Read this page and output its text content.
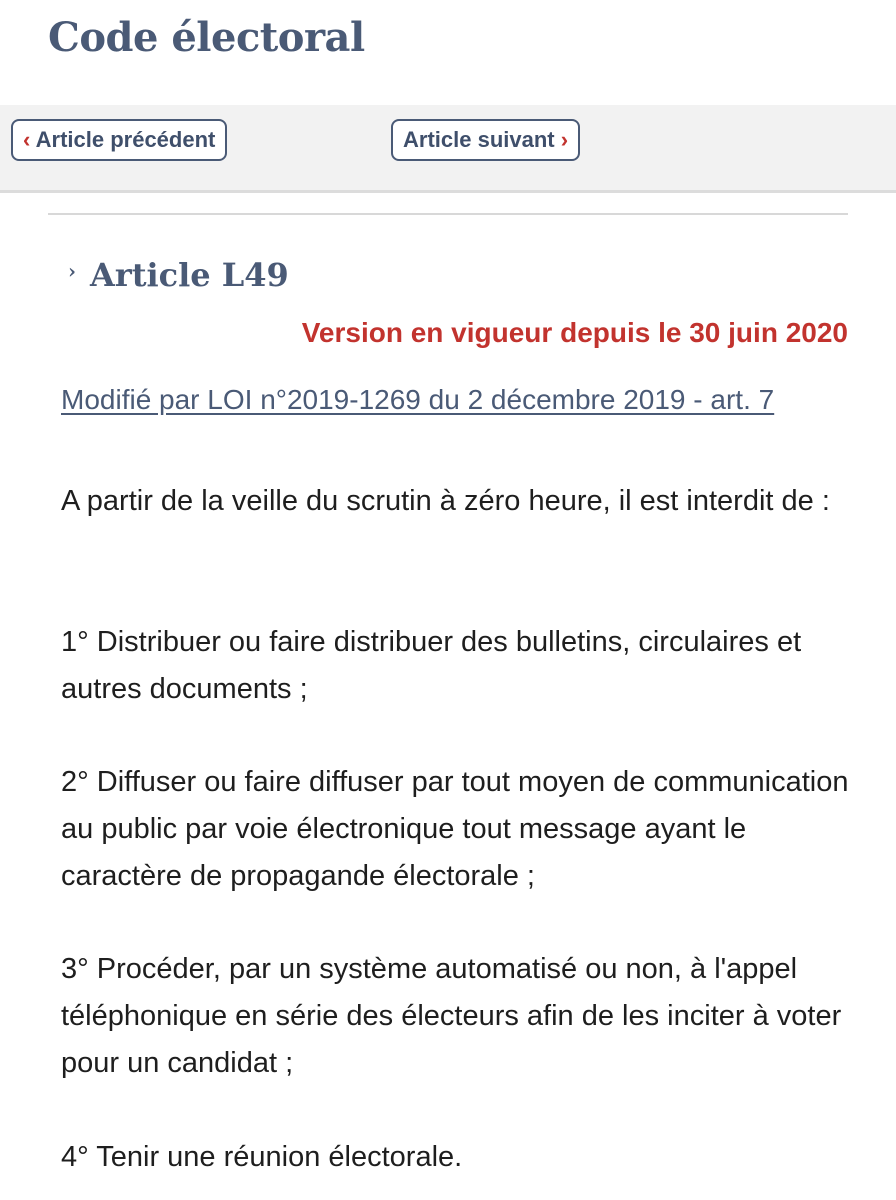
Code électoral
‹ Article précédent	Article suivant ›
› Article L49
Version en vigueur depuis le 30 juin 2020
Modifié par LOI n°2019-1269 du 2 décembre 2019 - art. 7

A partir de la veille du scrutin à zéro heure, il est interdit de :

1° Distribuer ou faire distribuer des bulletins, circulaires et autres documents ;

2° Diffuser ou faire diffuser par tout moyen de communication au public par voie électronique tout message ayant le caractère de propagande électorale ;

3° Procéder, par un système automatisé ou non, à l'appel téléphonique en série des électeurs afin de les inciter à voter pour un candidat ;

4° Tenir une réunion électorale.
